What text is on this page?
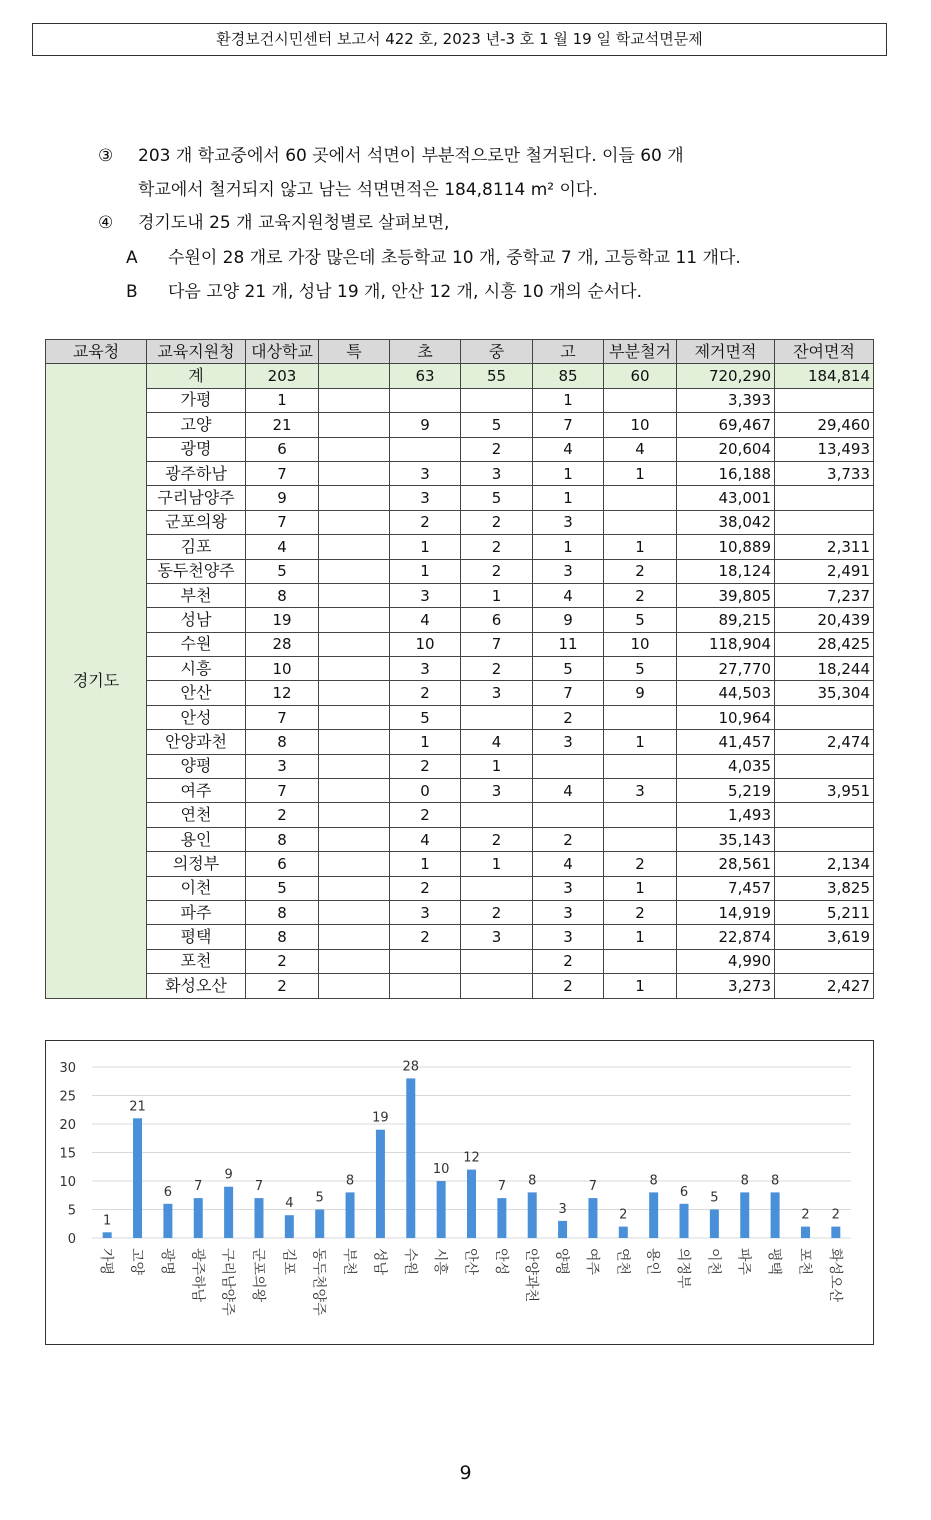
환경보건시민센터 보고서 422 호, 2023 년-3 호 1 월 19 일 학교석면문제
③ 203 개 학교중에서 60 곳에서 석면이 부분적으로만 철거된다. 이들 60 개
학교에서 철거되지 않고 남는 석면면적은 184,8114 m² 이다.
④ 경기도내 25 개 교육지원청별로 살펴보면,
A 수원이 28 개로 가장 많은데 초등학교 10 개, 중학교 7 개, 고등학교 11 개다.
B 다음 고양 21 개, 성남 19 개, 안산 12 개, 시흥 10 개의 순서다.
교육청	교육지원청	대상학교	특	초	중	고	부분철거	제거면적	잔여면적
경기도	계	203		63	55	85	60	720,290	184,814
	가평	1				1		3,393	
	고양	21		9	5	7	10	69,467	29,460
	광명	6			2	4	4	20,604	13,493
	광주하남	7		3	3	1	1	16,188	3,733
	구리남양주	9		3	5	1		43,001	
	군포의왕	7		2	2	3		38,042	
	김포	4		1	2	1	1	10,889	2,311
	동두천양주	5		1	2	3	2	18,124	2,491
	부천	8		3	1	4	2	39,805	7,237
	성남	19		4	6	9	5	89,215	20,439
	수원	28		10	7	11	10	118,904	28,425
	시흥	10		3	2	5	5	27,770	18,244
	안산	12		2	3	7	9	44,503	35,304
	안성	7		5		2		10,964	
	안양과천	8		1	4	3	1	41,457	2,474
	양평	3		2	1			4,035	
	여주	7		0	3	4	3	5,219	3,951
	연천	2		2				1,493	
	용인	8		4	2	2		35,143	
	의정부	6		1	1	4	2	28,561	2,134
	이천	5		2		3	1	7,457	3,825
	파주	8		3	2	3	2	14,919	5,211
	평택	8		2	3	3	1	22,874	3,619
	포천	2				2		4,990	
	화성오산	2				2	1	3,273	2,427
0
5
10
15
20
25
30
1
가평
21
고양
6
광명
7
광주하남
9
구리남양주
7
군포의왕
4
김포
5
동두천양주
8
부천
19
성남
28
수원
10
시흥
12
안산
7
안성
8
안양과천
3
양평
7
여주
2
연천
8
용인
6
의정부
5
이천
8
파주
8
평택
2
포천
2
화성오산
9
